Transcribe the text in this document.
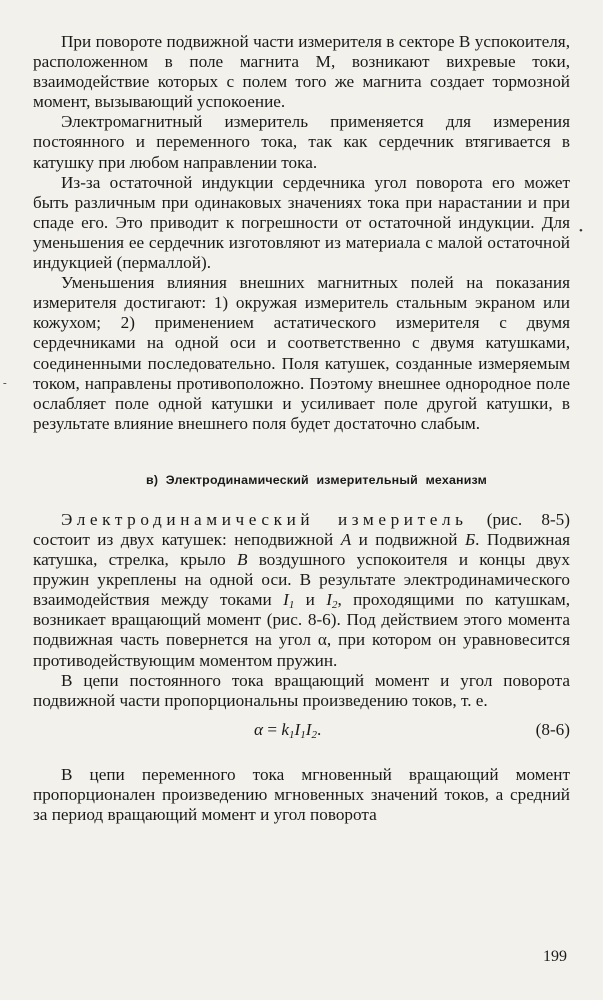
При повороте подвижной части измерителя в секторе В успокоителя, расположенном в поле магнита М, возникают вихревые токи, взаимодействие которых с полем того же магнита создает тормозной момент, вызывающий успокоение.

Электромагнитный измеритель применяется для измерения постоянного и переменного тока, так как сердечник втягивается в катушку при любом направлении тока.

Из-за остаточной индукции сердечника угол поворота его может быть различным при одинаковых значениях тока при нарастании и при спаде его. Это приводит к погрешности от остаточной индукции. Для уменьшения ее сердечник изготовляют из материала с малой остаточной индукцией (пермаллой).

Уменьшения влияния внешних магнитных полей на показания измерителя достигают: 1) окружая измеритель стальным экраном или кожухом; 2) применением астатического измерителя с двумя сердечниками на одной оси и соответственно с двумя катушками, соединенными последовательно. Поля катушек, созданные измеряемым током, направлены противоположно. Поэтому внешнее однородное поле ослабляет поле одной катушки и усиливает поле другой катушки, в результате влияние внешнего поля будет достаточно слабым.

в) Электродинамический измерительный механизм

Электродинамический измеритель (рис. 8-5) состоит из двух катушек: неподвижной А и подвижной Б. Подвижная катушка, стрелка, крыло В воздушного успокоителя и концы двух пружин укреплены на одной оси. В результате электродинамического взаимодействия между токами $I_1$ и $I_2$, проходящими по катушкам, возникает вращающий момент (рис. 8-6). Под действием этого момента подвижная часть повернется на угол α, при котором он уравновесится противодействующим моментом пружин.

В цепи постоянного тока вращающий момент и угол поворота подвижной части пропорциональны произведению токов, т. е.

$\alpha = k_1I_1I_2$.	(8-6)

В цепи переменного тока мгновенный вращающий момент пропорционален произведению мгновенных значений токов, а средний за период вращающий момент и угол поворота

199
•
-
